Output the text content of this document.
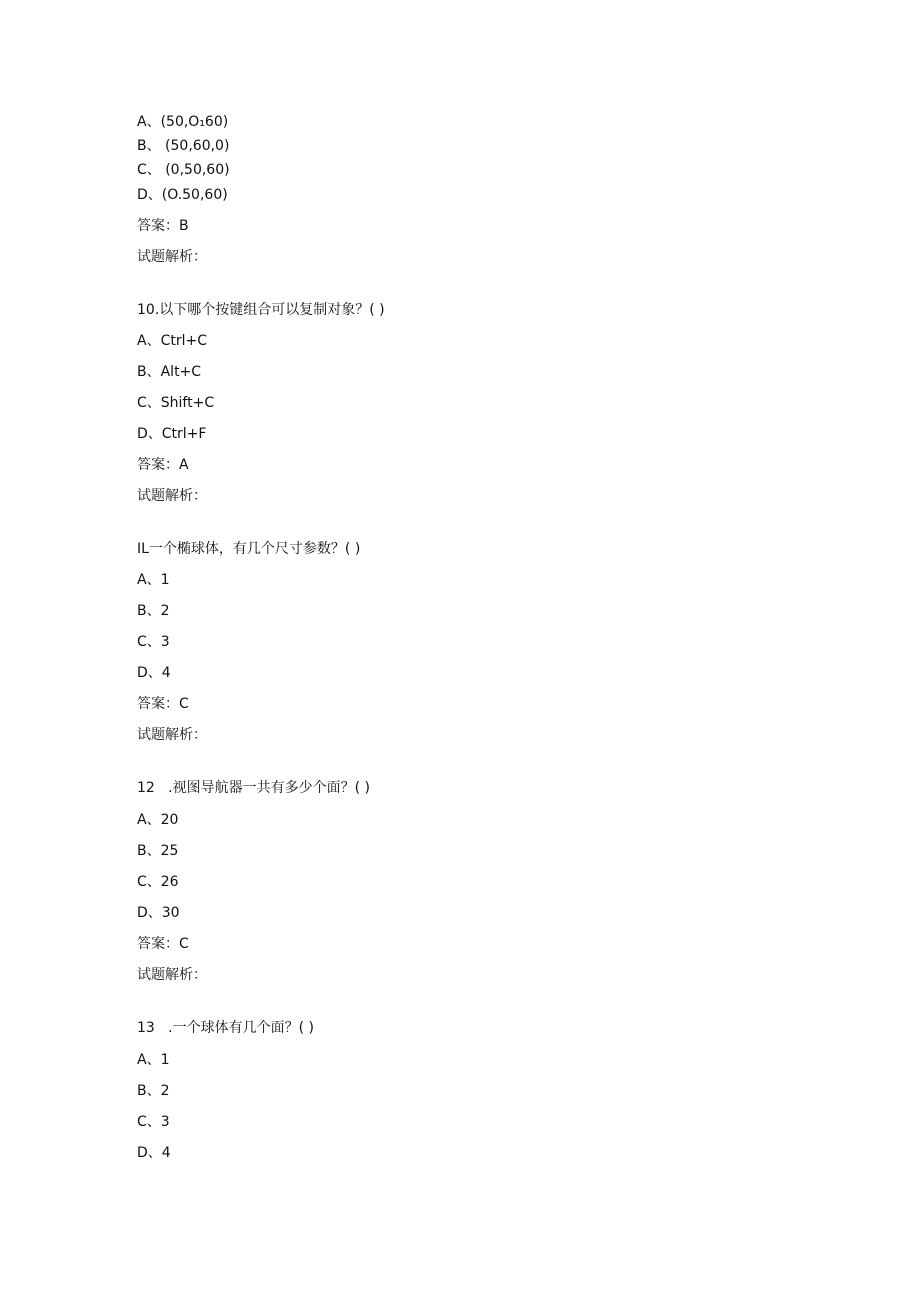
A、(50,O₁60)

B、 (50,60,0)

C、 (0,50,60)

D、(O.50,60)

答案：B

试题解析：

10.以下哪个按键组合可以复制对象？( )

A、Ctrl+C

B、Alt+C

C、Shift+C

D、Ctrl+F

答案：A

试题解析：

IL一个椭球体，有几个尺寸参数？( )

A、1

B、2

C、3

D、4

答案：C

试题解析：

12   .视图导航器一共有多少个面？( )

A、20

B、25

C、26

D、30

答案：C

试题解析：

13   .一个球体有几个面？( )

A、1

B、2

C、3

D、4
